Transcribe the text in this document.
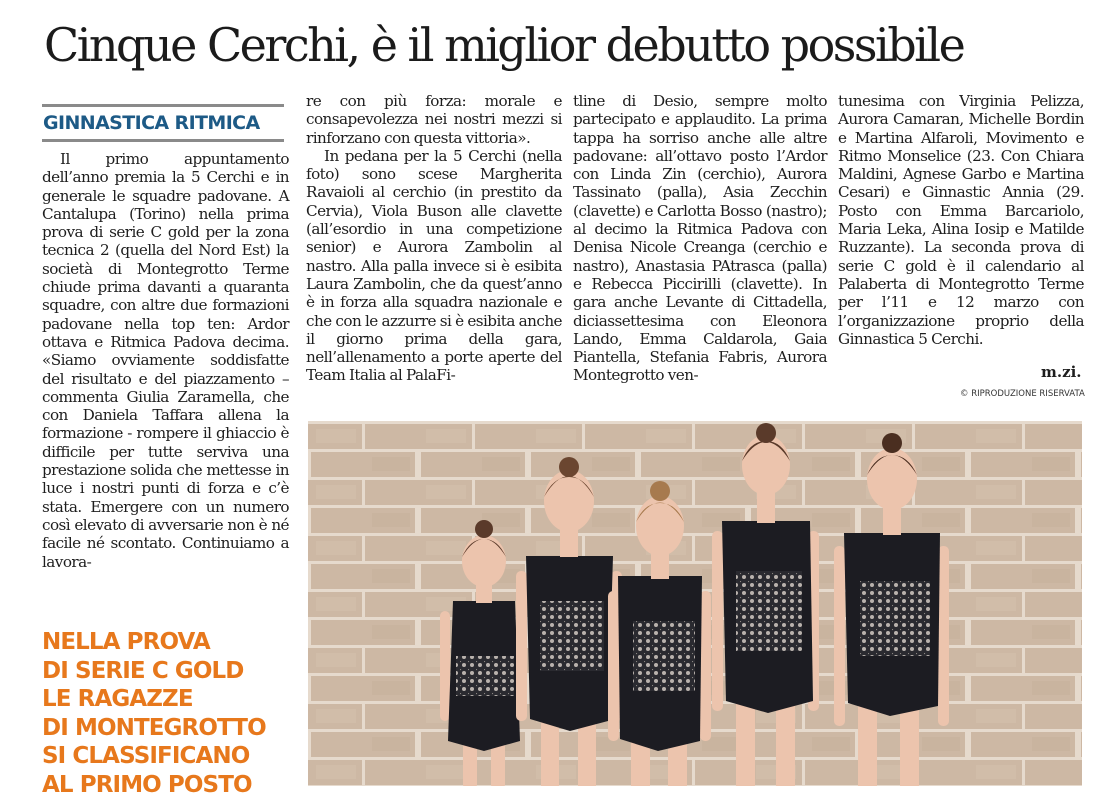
Cinque Cerchi, è il miglior debutto possibile
GINNASTICA RITMICA

Il primo appuntamento dell’anno premia la 5 Cerchi e in generale le squadre padovane. A Cantalupa (Torino) nella prima prova di serie C gold per la zona tecnica 2 (quella del Nord Est) la società di Montegrotto Terme chiude prima davanti a quaranta squadre, con altre due formazioni padovane nella top ten: Ardor ottava e Ritmica Padova decima. «Siamo ovviamente soddisfatte del risultato e del piazzamento – commenta Giulia Zaramella, che con Daniela Taffara allena la formazione - rompere il ghiaccio è difficile per tutte serviva una prestazione solida che mettesse in luce i nostri punti di forza e c’è stata. Emergere con un numero così elevato di avversarie non è né facile né scontato. Continuiamo a lavora-

re con più forza: morale e consapevolezza nei nostri mezzi si rinforzano con questa vittoria».
In pedana per la 5 Cerchi (nella foto) sono scese Margherita Ravaioli al cerchio (in prestito da Cervia), Viola Buson alle clavette (all’esordio in una competizione senior) e Aurora Zambolin al nastro. Alla palla invece si è esibita Laura Zambolin, che da quest’anno è in forza alla squadra nazionale e che con le azzurre si è esibita anche il giorno prima della gara, nell’allenamento a porte aperte del Team Italia al PalaFi-

tline di Desio, sempre molto partecipato e applaudito. La prima tappa ha sorriso anche alle altre padovane: all’ottavo posto l’Ardor con Linda Zin (cerchio), Aurora Tassinato (palla), Asia Zecchin (clavette) e Carlotta Bosso (nastro); al decimo la Ritmica Padova con Denisa Nicole Creanga (cerchio e nastro), Anastasia PAtrasca (palla) e Rebecca Piccirilli (clavette). In gara anche Levante di Cittadella, diciassettesima con Eleonora Lando, Emma Caldarola, Gaia Piantella, Stefania Fabris, Aurora Montegrotto ven-

tunesima con Virginia Pelizza, Aurora Camaran, Michelle Bordin e Martina Alfaroli, Movimento e Ritmo Monselice (23. Con Chiara Maldini, Agnese Garbo e Martina Cesari) e Ginnastic Annia (29. Posto con Emma Barcariolo, Maria Leka, Alina Iosip e Matilde Ruzzante). La seconda prova di serie C gold è il calendario al Palaberta di Montegrotto Terme per l’11 e 12 marzo con l’organizzazione proprio della Ginnastica 5 Cerchi.

m.zi.
© RIPRODUZIONE RISERVATA
NELLA PROVA
DI SERIE C GOLD
LE RAGAZZE
DI MONTEGROTTO
SI CLASSIFICANO
AL PRIMO POSTO
